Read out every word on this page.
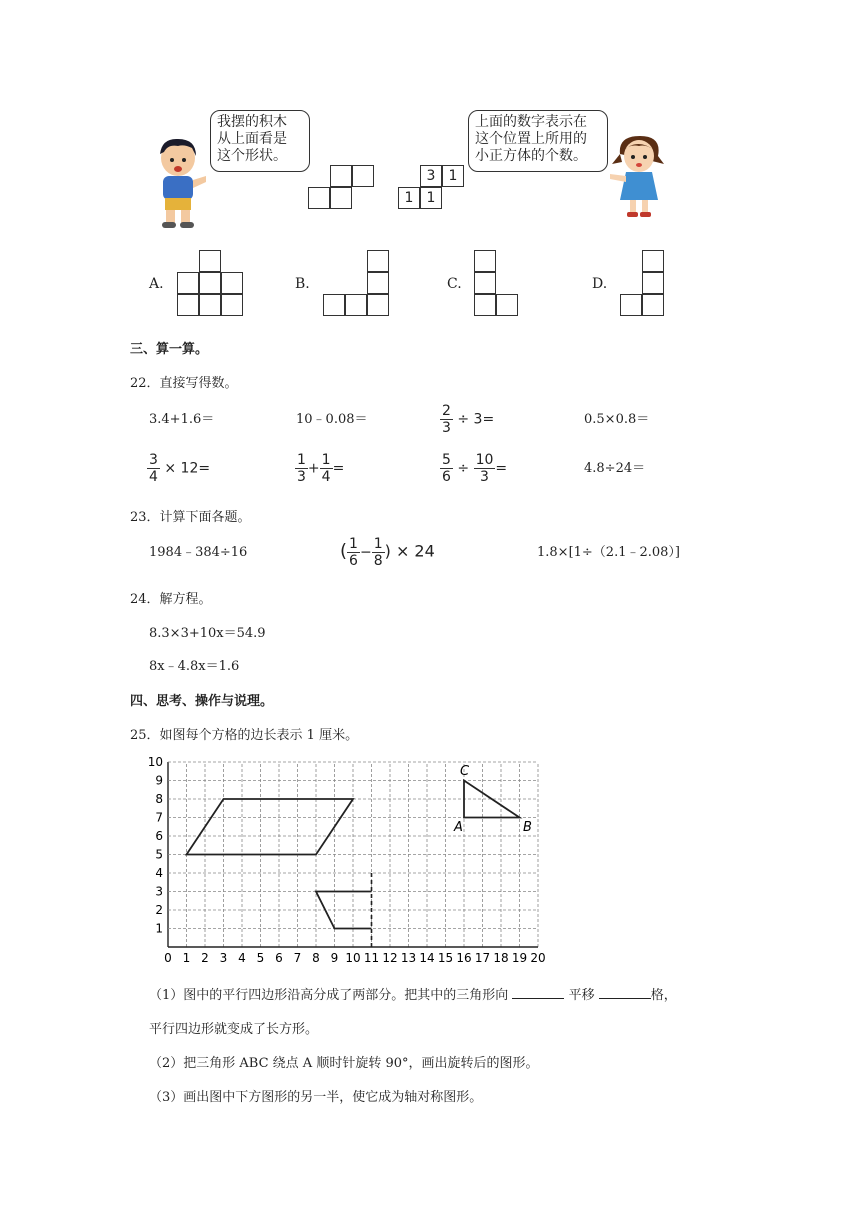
我摆的积木
从上面看是
这个形状。
3 1
1 1
上面的数字表示在
这个位置上所用的
小正方体的个数。
A.	B.	C.	D.
三、算一算。
22．直接写得数。
3.4+1.6＝	10﹣0.08＝	$\frac{2}{3} \div 3=$	0.5×0.8＝
$\frac{3}{4} \times 12=$	$\frac{1}{3} + \frac{1}{4}$ =	$\frac{5}{6} \div \frac{10}{3}$ =	4.8÷24＝
23．计算下面各题。
1984﹣384÷16	( $\frac{1}{6} - \frac{1}{8}$ ) × 24	1.8×[1÷（2.1﹣2.08）]
24．解方程。
8.3×3+10x＝54.9
8x﹣4.8x＝1.6
四、思考、操作与说理。
25．如图每个方格的边长表示 1 厘米。
0 1 2 3 4 5 6 7 8 9 10 11 12 13 14 15 16 17 18 19 20
1
2
3
4
5
6
7
8
9
10
A	B
C
（1）图中的平行四边形沿高分成了两部分。把其中的三角形向	平移	格，
平行四边形就变成了长方形。
（2）把三角形 ABC 绕点 A 顺时针旋转 90°，画出旋转后的图形。
（3）画出图中下方图形的另一半，使它成为轴对称图形。
